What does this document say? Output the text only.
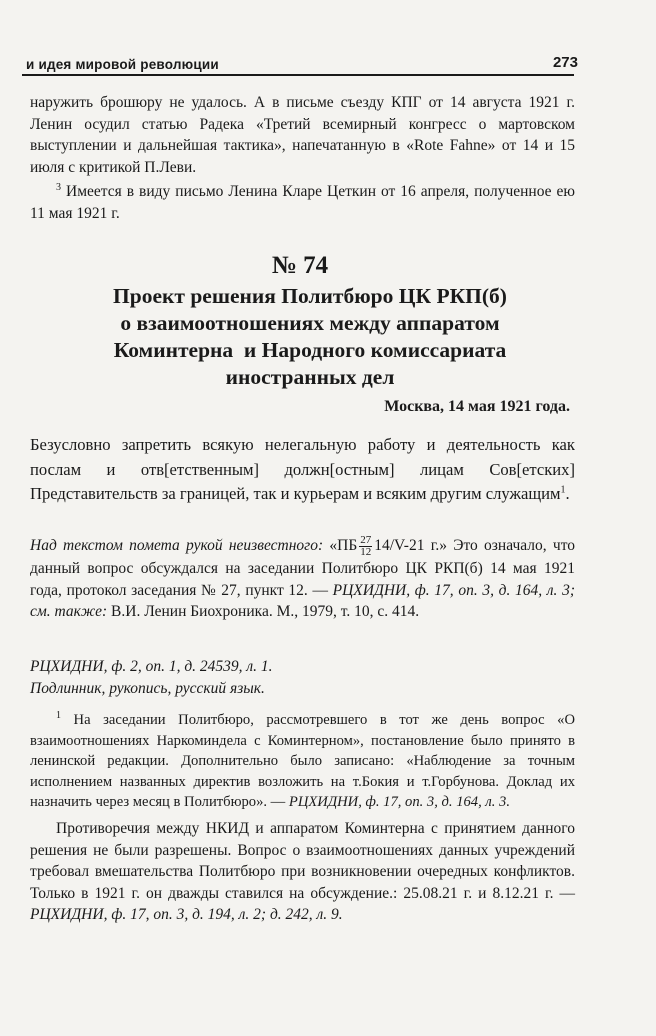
и идея мировой революции	273

наружить брошюру не удалось. А в письме съезду КПГ от 14 августа 1921 г. Ленин осудил статью Радека «Третий всемирный конгресс о мартовском выступлении и дальнейшая тактика», напечатанную в «Rote Fahne» от 14 и 15 июля с критикой П.Леви.

$^3$ Имеется в виду письмо Ленина Кларе Цеткин от 16 апреля, полученное ею 11 мая 1921 г.

№ 74
Проект решения Политбюро ЦК РКП(б)
о взаимоотношениях между аппаратом
Коминтерна  и Народного комиссариата
иностранных дел
Москва, 14 мая 1921 года.

Безусловно запретить всякую нелегальную работу и деятельность как послам и отв[етственным] должн[остным] лицам Сов[етских] Представительств за границей, так и курьерам и всяким другим служащим$^1$.

Над текстом помета рукой неизвестного: «ПБ $\frac{27}{12} 14/V-21$ г.» Это означало, что данный вопрос обсуждался на заседании Политбюро ЦК РКП(б) 14 мая 1921 года, протокол заседания № 27, пункт 12. — РЦХИДНИ, ф. 17, оп. 3, д. 164, л. 3; см. также: В.И. Ленин Биохроника. М., 1979, т. 10, с. 414.

РЦХИДНИ, ф. 2, оп. 1, д. 24539, л. 1.

Подлинник, рукопись, русский язык.

$^1$ На заседании Политбюро, рассмотревшего в тот же день вопрос «О взаимоотношениях Наркоминдела с Коминтерном», постановление было принято в ленинской редакции. Дополнительно было записано: «Наблюдение за точным исполнением названных директив возложить на т.Бокия и т.Горбунова. Доклад их назначить через месяц в Политбюро». — РЦХИДНИ, ф. 17, оп. 3, д. 164, л. 3.

Противоречия между НКИД и аппаратом Коминтерна с принятием данного решения не были разрешены. Вопрос о взаимоотношениях данных учреждений требовал вмешательства Политбюро при возникновении очередных конфликтов. Только в 1921 г. он дважды ставился на обсуждение.: 25.08.21 г. и 8.12.21 г. — РЦХИДНИ, ф. 17, оп. 3, д. 194, л. 2; д. 242, л. 9.
